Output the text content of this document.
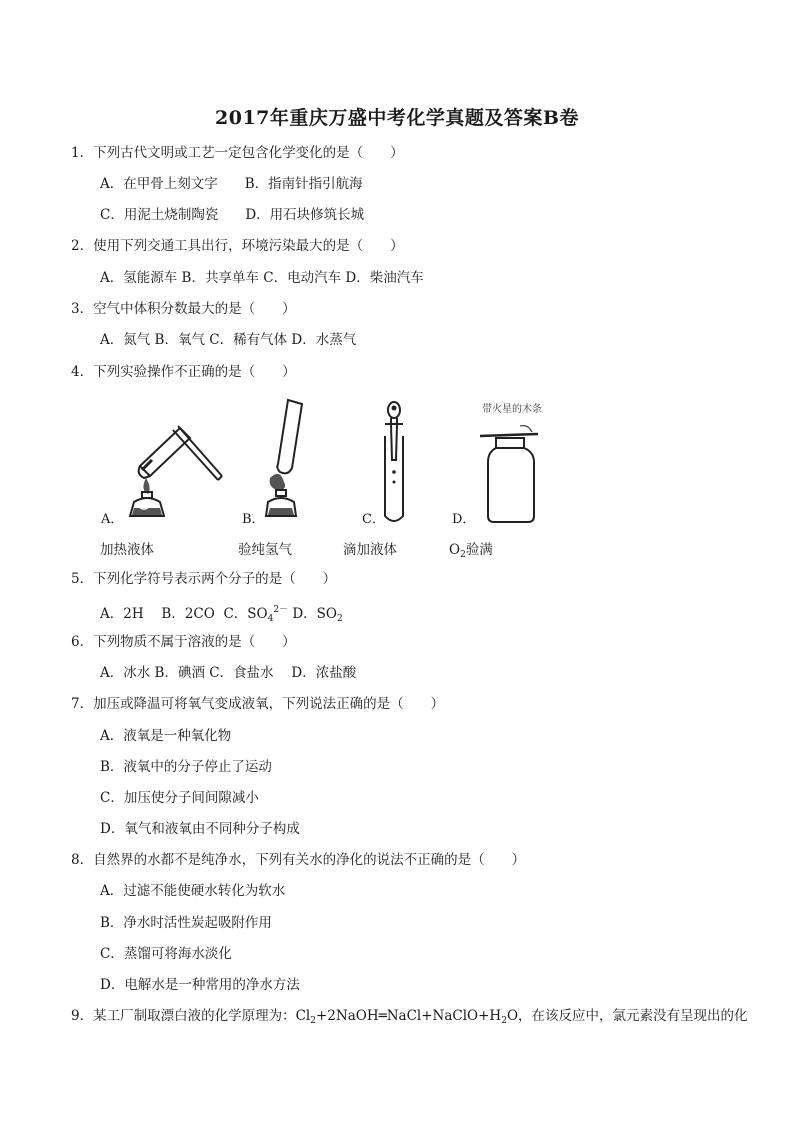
2017年重庆万盛中考化学真题及答案B卷
1．下列古代文明或工艺一定包含化学变化的是（　　）
A．在甲骨上刻文字　　B．指南针指引航海
C．用泥土烧制陶瓷　　D．用石块修筑长城
2．使用下列交通工具出行，环境污染最大的是（　　）
A．氢能源车 B．共享单车 C．电动汽车 D．柴油汽车
3．空气中体积分数最大的是（　　）
A．氮气 B．氧气 C．稀有气体 D．水蒸气
4．下列实验操作不正确的是（　　）
A．	B．	C．
带火星的木条
D．
加热液体	验纯氢气	滴加液体	$O_2$验满
5．下列化学符号表示两个分子的是（　　）
A．2H　 B．2CO C．$SO_4^{2-}$ D．$SO_2$
6．下列物质不属于溶液的是（　　）
A．冰水 B．碘酒 C．食盐水　 D．浓盐酸
7．加压或降温可将氧气变成液氧，下列说法正确的是（　　）
A．液氧是一种氧化物
B．液氧中的分子停止了运动
C．加压使分子间间隙减小
D．氧气和液氧由不同种分子构成
8．自然界的水都不是纯净水，下列有关水的净化的说法不正确的是（　　）
A．过滤不能使硬水转化为软水
B．净水时活性炭起吸附作用
C．蒸馏可将海水淡化
D．电解水是一种常用的净水方法
9．某工厂制取漂白液的化学原理为：$Cl_2+2NaOH═NaCl+NaClO+H_2O$，在该反应中，氯元素没有呈现出的化
